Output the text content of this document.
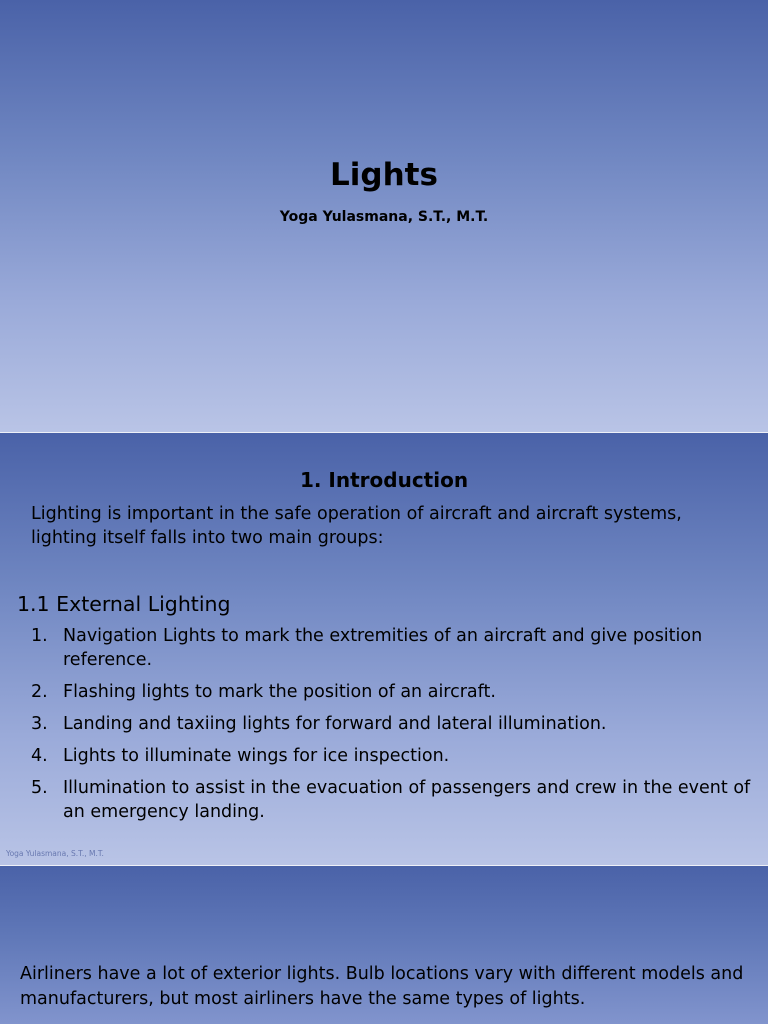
Lights
Yoga Yulasmana, S.T., M.T.
1. Introduction
Lighting is important in the safe operation of aircraft and aircraft systems, lighting itself falls into two main groups:
1.1 External Lighting
1. Navigation Lights to mark the extremities of an aircraft and give position reference.
2. Flashing lights to mark the position of an aircraft.
3. Landing and taxiing lights for forward and lateral illumination.
4. Lights to illuminate wings for ice inspection.
5. Illumination to assist in the evacuation of passengers and crew in the event of an emergency landing.
Yoga Yulasmana, S.T., M.T.
Airliners have a lot of exterior lights. Bulb locations vary with different models and manufacturers, but most airliners have the same types of lights.
